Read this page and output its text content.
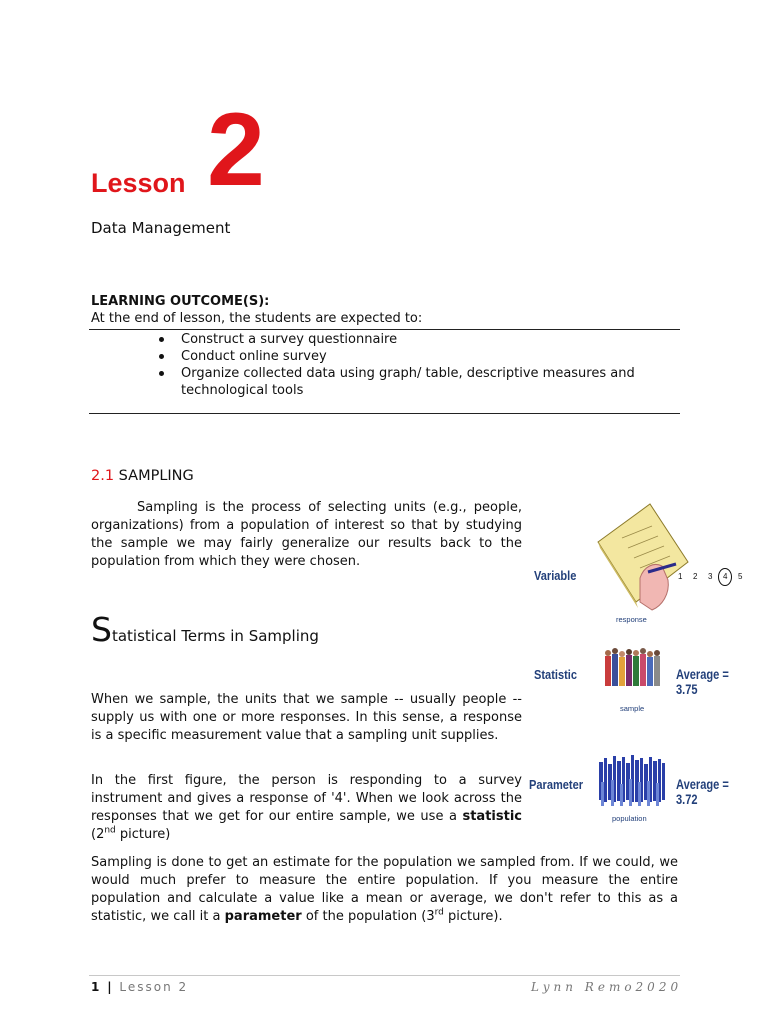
Lesson 2
Data Management
LEARNING OUTCOME(S):
At the end of lesson, the students are expected to:
Construct a survey questionnaire
Conduct online survey
Organize collected data using graph/ table, descriptive measures and technological tools
2.1 SAMPLING

Sampling is the process of selecting units (e.g., people, organizations) from a population of interest so that by studying the sample we may fairly generalize our results back to the population from which they were chosen.

Statistical Terms in Sampling

When we sample, the units that we sample -- usually people -- supply us with one or more responses. In this sense, a response is a specific measurement value that a sampling unit supplies.

In the first figure, the person is responding to a survey instrument and gives a response of '4'. When we look across the responses that we get for our entire sample, we use a statistic (2nd picture)

Sampling is done to get an estimate for the population we sampled from. If we could, we would much prefer to measure the entire population. If you measure the entire population and calculate a value like a mean or average, we don't refer to this as a statistic, we call it a parameter of the population (3rd picture).

Variable
response
1 2 3 4 5
Statistic
sample
Average = 3.75
Parameter
population
Average = 3.72
1 | Lesson 2	Lynn Remo2020
